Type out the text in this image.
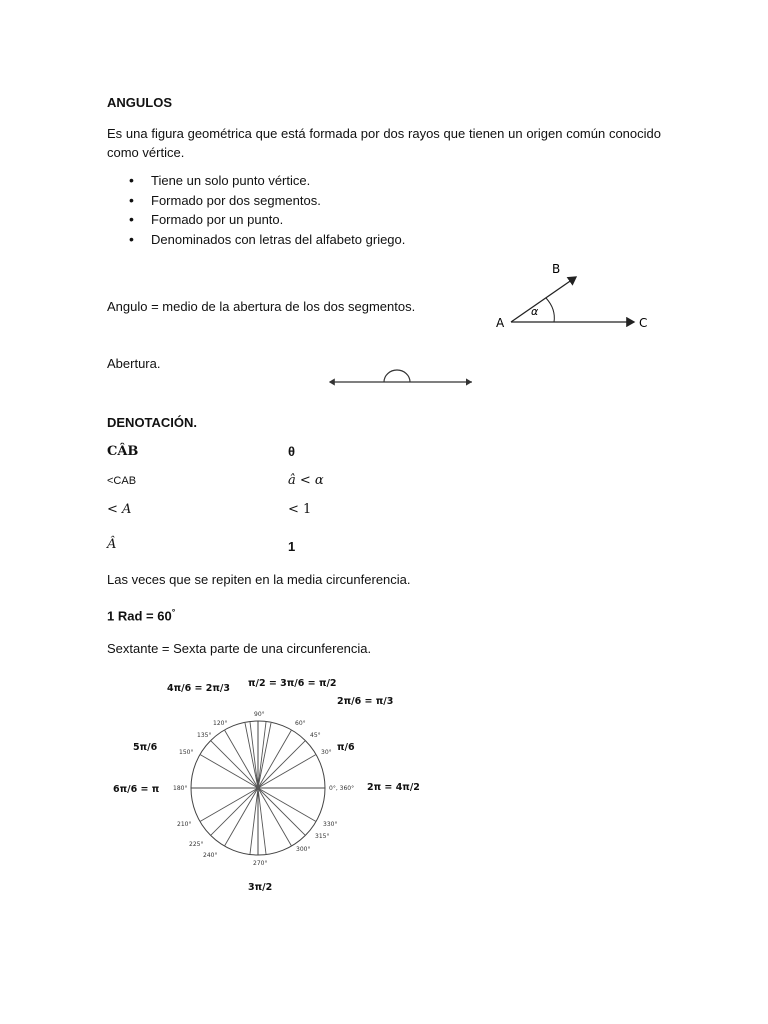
ANGULOS
Es una figura geométrica que está formada por dos rayos que tienen un origen común conocido como vértice.
• Tiene un solo punto vértice.
• Formado por dos segmentos.
• Formado por un punto.
• Denominados con letras del alfabeto griego.
Angulo = medio de la abertura de los dos segmentos.
A
B
C
α
Abertura.
DENOTACIÓN.
CÂB	θ
<CAB	â < α
< A	< 1
Â	1
Las veces que se repiten en la media circunferencia.
1 Rad = 60°
Sextante = Sexta parte de una circunferencia.
90°
120°	60°
135°	45°
150°	30°
180°	0°, 360°
210°	330°
225°
315°
240°
300°
270°
π/2 = 3π/6 = π/2
4π/6 = 2π/3
2π/6 = π/3
π/6
5π/6
6π/6 = π	2π = 4π/2
3π/2
